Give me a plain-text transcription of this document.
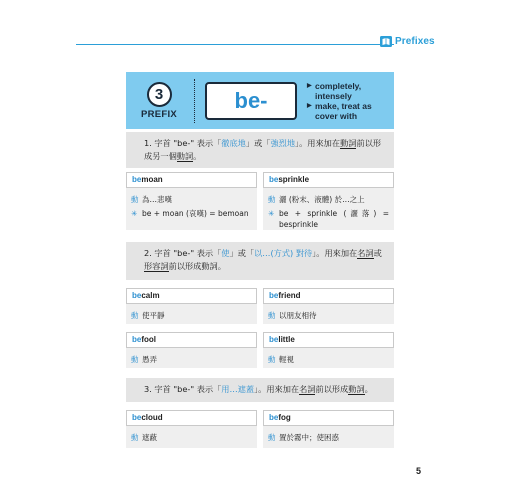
Prefixes
3
PREFIX
be-
▶ completely,
intensely
▶ make, treat as
cover with
1. 字首 "be-" 表示「徹底地」或「強烈地」。用來加在動詞前以形
成另一個動詞。
bemoan
動 為…悲嘆
✳ be + moan (哀嘆) = bemoan
besprinkle
動 灑 (粉末、液體) 於…之上
✳ be + sprinkle (灑落) = besprinkle
2. 字首 "be-" 表示「使」或「以…(方式) 對待」。用來加在名詞或
形容詞前以形成動詞。
becalm
動 使平靜
befriend
動 以朋友相待
befool
動 愚弄
belittle
動 輕視
3. 字首 "be-" 表示「用…遮蓋」。用來加在名詞前以形成動詞。
becloud
動 遮蔽
befog
動 置於霧中；使困惑
5
